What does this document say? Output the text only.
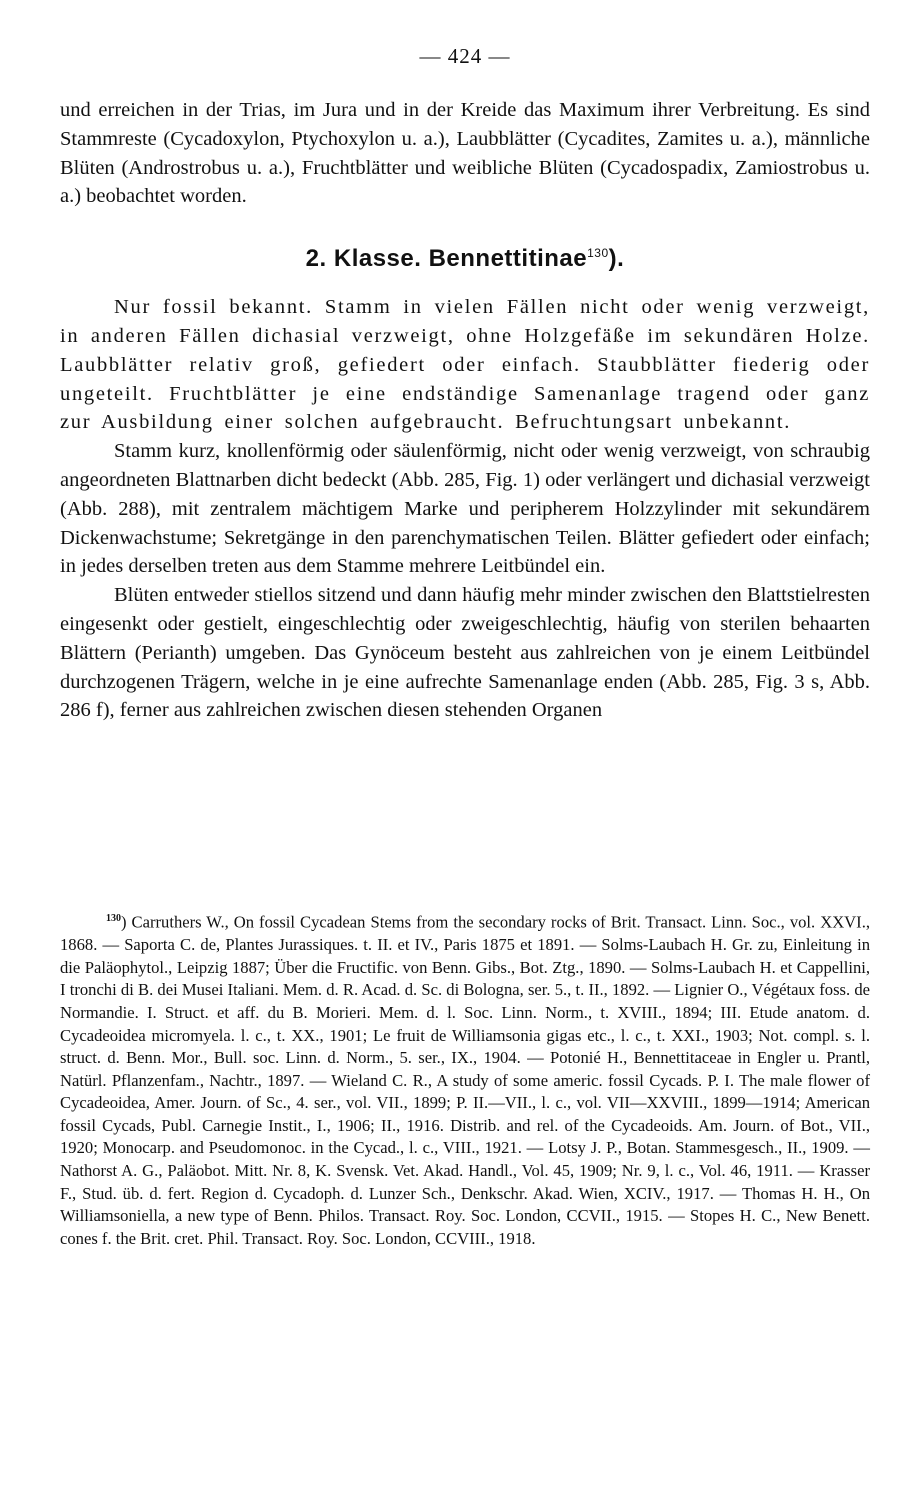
— 424 —

und erreichen in der Trias, im Jura und in der Kreide das Maximum ihrer Verbreitung. Es sind Stammreste (Cycadoxylon, Ptychoxylon u. a.), Laubblätter (Cycadites, Zamites u. a.), männliche Blüten (Androstrobus u. a.), Fruchtblätter und weibliche Blüten (Cycadospadix, Zamiostrobus u. a.) beobachtet worden.

2. Klasse. Bennettitinae$^{130}$).

Nur fossil bekannt. Stamm in vielen Fällen nicht oder wenig verzweigt, in anderen Fällen dichasial verzweigt, ohne Holzgefäße im sekundären Holze. Laubblätter relativ groß, gefiedert oder einfach. Staubblätter fiederig oder ungeteilt. Fruchtblätter je eine endständige Samenanlage tragend oder ganz zur Ausbildung einer solchen aufgebraucht. Befruchtungsart unbekannt.

Stamm kurz, knollenförmig oder säulenförmig, nicht oder wenig verzweigt, von schraubig angeordneten Blattnarben dicht bedeckt (Abb. 285, Fig. 1) oder verlängert und dichasial verzweigt (Abb. 288), mit zentralem mächtigem Marke und peripherem Holzzylinder mit sekundärem Dickenwachstume; Sekretgänge in den parenchymatischen Teilen. Blätter gefiedert oder einfach; in jedes derselben treten aus dem Stamme mehrere Leitbündel ein.

Blüten entweder stiellos sitzend und dann häufig mehr minder zwischen den Blattstielresten eingesenkt oder gestielt, eingeschlechtig oder zweigeschlechtig, häufig von sterilen behaarten Blättern (Perianth) umgeben. Das Gynöceum besteht aus zahlreichen von je einem Leitbündel durchzogenen Trägern, welche in je eine aufrechte Samenanlage enden (Abb. 285, Fig. 3 s, Abb. 286 f), ferner aus zahlreichen zwischen diesen stehenden Organen

$^{130}$) Carruthers W., On fossil Cycadean Stems from the secondary rocks of Brit. Transact. Linn. Soc., vol. XXVI., 1868. — Saporta C. de, Plantes Jurassiques. t. II. et IV., Paris 1875 et 1891. — Solms-Laubach H. Gr. zu, Einleitung in die Paläophytol., Leipzig 1887; Über die Fructific. von Benn. Gibs., Bot. Ztg., 1890. — Solms-Laubach H. et Cappellini, I tronchi di B. dei Musei Italiani. Mem. d. R. Acad. d. Sc. di Bologna, ser. 5., t. II., 1892. — Lignier O., Végétaux foss. de Normandie. I. Struct. et aff. du B. Morieri. Mem. d. l. Soc. Linn. Norm., t. XVIII., 1894; III. Etude anatom. d. Cycadeoidea micromyela. l. c., t. XX., 1901; Le fruit de Williamsonia gigas etc., l. c., t. XXI., 1903; Not. compl. s. l. struct. d. Benn. Mor., Bull. soc. Linn. d. Norm., 5. ser., IX., 1904. — Potonié H., Bennettitaceae in Engler u. Prantl, Natürl. Pflanzenfam., Nachtr., 1897. — Wieland C. R., A study of some americ. fossil Cycads. P. I. The male flower of Cycadeoidea, Amer. Journ. of Sc., 4. ser., vol. VII., 1899; P. II.—VII., l. c., vol. VII—XXVIII., 1899—1914; American fossil Cycads, Publ. Carnegie Instit., I., 1906; II., 1916. Distrib. and rel. of the Cycadeoids. Am. Journ. of Bot., VII., 1920; Monocarp. and Pseudomonoc. in the Cycad., l. c., VIII., 1921. — Lotsy J. P., Botan. Stammesgesch., II., 1909. — Nathorst A. G., Paläobot. Mitt. Nr. 8, K. Svensk. Vet. Akad. Handl., Vol. 45, 1909; Nr. 9, l. c., Vol. 46, 1911. — Krasser F., Stud. üb. d. fert. Region d. Cycadoph. d. Lunzer Sch., Denkschr. Akad. Wien, XCIV., 1917. — Thomas H. H., On Williamsoniella, a new type of Benn. Philos. Transact. Roy. Soc. London, CCVII., 1915. — Stopes H. C., New Benett. cones f. the Brit. cret. Phil. Transact. Roy. Soc. London, CCVIII., 1918.
